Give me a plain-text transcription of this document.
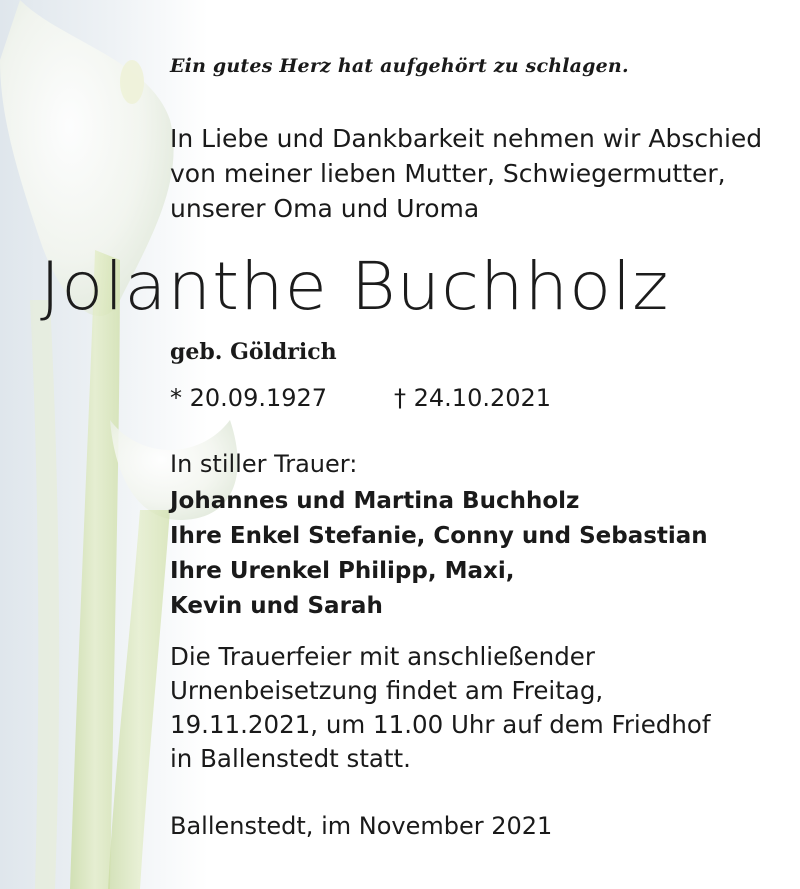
Ein gutes Herz hat aufgehört zu schlagen.
In Liebe und Dankbarkeit nehmen wir Abschied
von meiner lieben Mutter, Schwiegermutter,
unserer Oma und Uroma
Jolanthe Buchholz
geb. Göldrich
* 20.09.1927	† 24.10.2021
In stiller Trauer:
Johannes und Martina Buchholz
Ihre Enkel Stefanie, Conny und Sebastian
Ihre Urenkel Philipp, Maxi,
Kevin und Sarah
Die Trauerfeier mit anschließender
Urnenbeisetzung findet am Freitag,
19.11.2021, um 11.00 Uhr auf dem Friedhof
in Ballenstedt statt.
Ballenstedt, im November 2021
